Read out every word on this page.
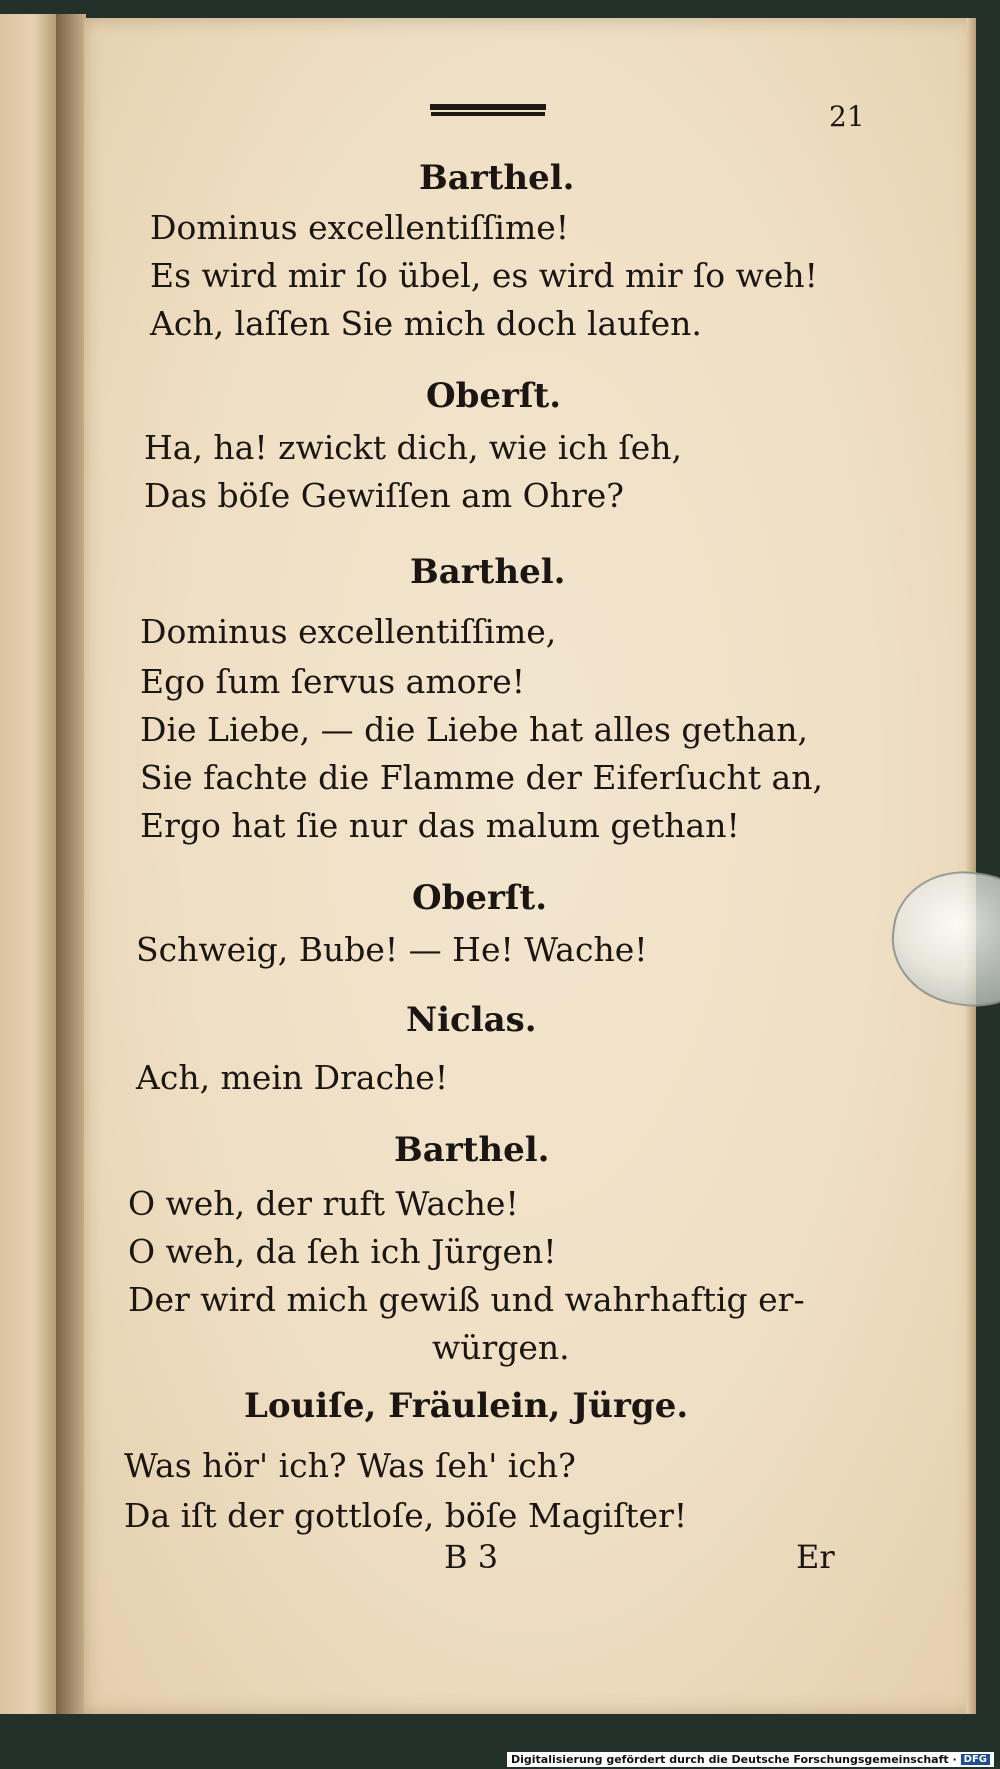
21
Barthel.
Dominus excellentiſſime!
Es wird mir ſo übel, es wird mir ſo weh!
Ach, laſſen Sie mich doch laufen.
Oberſt.
Ha, ha! zwickt dich, wie ich ſeh,
Das böſe Gewiſſen am Ohre?
Barthel.
Dominus excellentiſſime,
Ego ſum ſervus amore!
Die Liebe, — die Liebe hat alles gethan,
Sie fachte die Flamme der Eiferſucht an,
Ergo hat ſie nur das malum gethan!
Oberſt.
Schweig, Bube! — He! Wache!
Niclas.
Ach, mein Drache!
Barthel.
O weh, der ruft Wache!
O weh, da ſeh ich Jürgen!
Der wird mich gewiß und wahrhaftig er-
würgen.
Louiſe, Fräulein, Jürge.
Was hör' ich? Was ſeh' ich?
Da iſt der gottloſe, böſe Magiſter!
B 3	Er
Digitalisierung gefördert durch die Deutsche Forschungsgemeinschaft · DFG
